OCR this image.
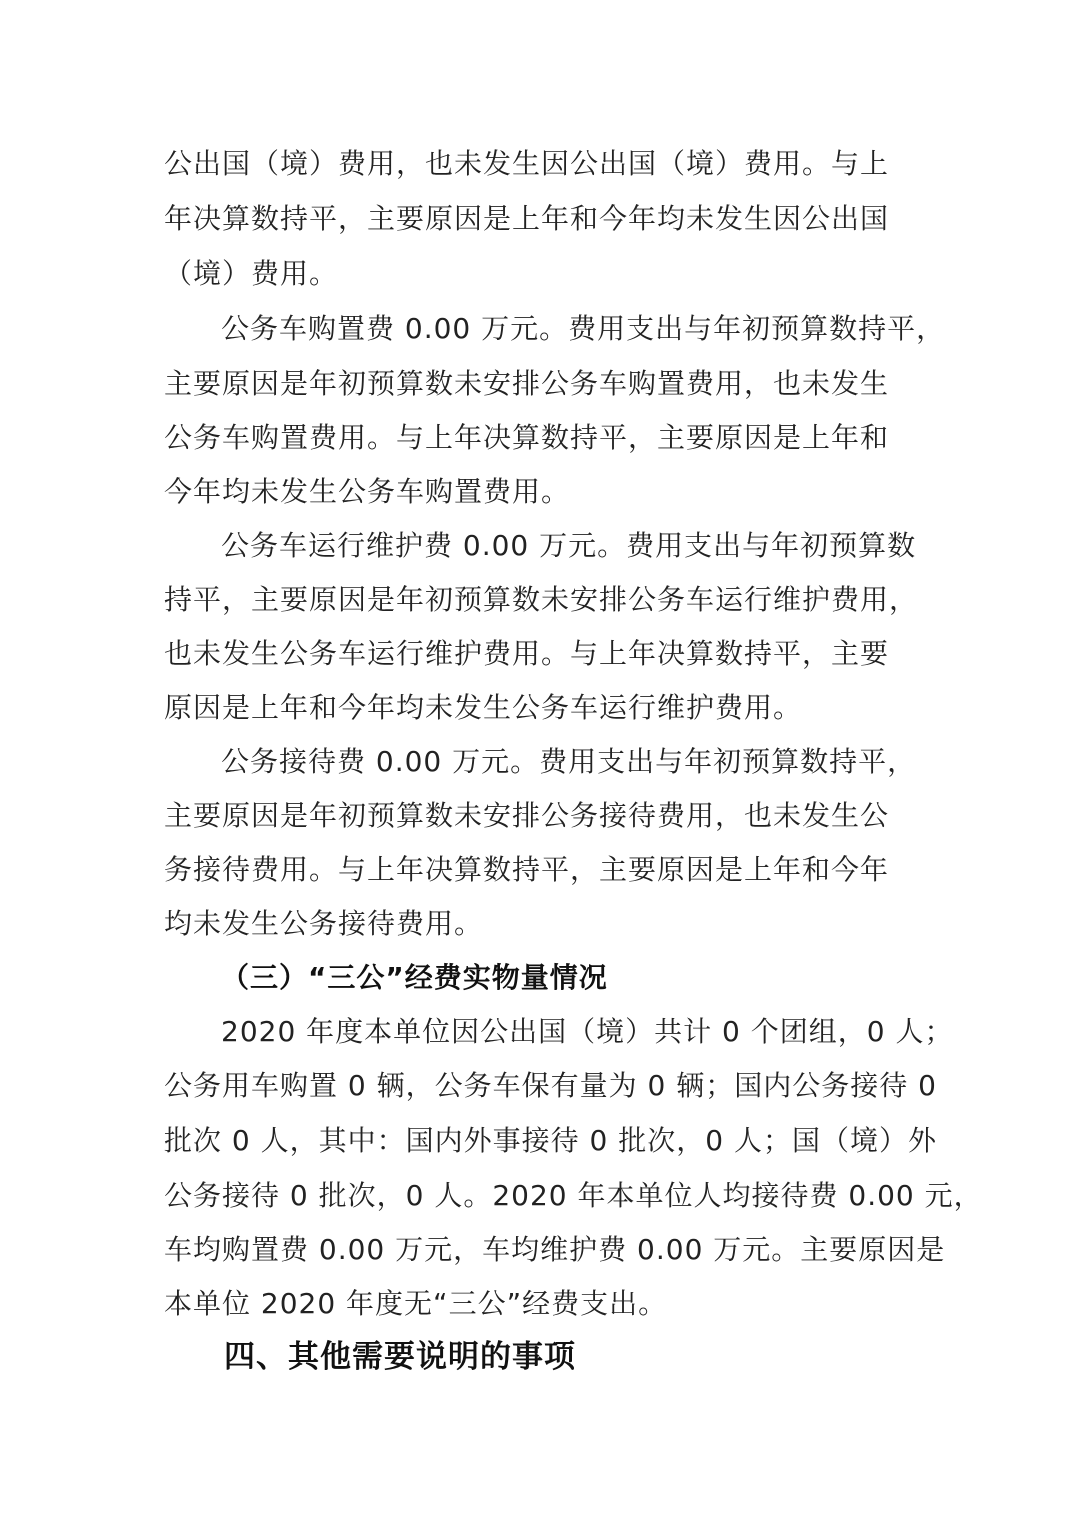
公出国（境）费用，也未发生因公出国（境）费用。与上
年决算数持平，主要原因是上年和今年均未发生因公出国
（境）费用。
公务车购置费 0.00 万元。费用支出与年初预算数持平，
主要原因是年初预算数未安排公务车购置费用，也未发生
公务车购置费用。与上年决算数持平，主要原因是上年和
今年均未发生公务车购置费用。
公务车运行维护费 0.00 万元。费用支出与年初预算数
持平，主要原因是年初预算数未安排公务车运行维护费用，
也未发生公务车运行维护费用。与上年决算数持平，主要
原因是上年和今年均未发生公务车运行维护费用。
公务接待费 0.00 万元。费用支出与年初预算数持平，
主要原因是年初预算数未安排公务接待费用，也未发生公
务接待费用。与上年决算数持平，主要原因是上年和今年
均未发生公务接待费用。
（三）“三公”经费实物量情况
2020 年度本单位因公出国（境）共计 0 个团组，0 人；
公务用车购置 0 辆，公务车保有量为 0 辆；国内公务接待 0
批次 0 人，其中：国内外事接待 0 批次，0 人；国（境）外
公务接待 0 批次，0 人。2020 年本单位人均接待费 0.00 元，
车均购置费 0.00 万元，车均维护费 0.00 万元。主要原因是
本单位 2020 年度无“三公”经费支出。
四、其他需要说明的事项
